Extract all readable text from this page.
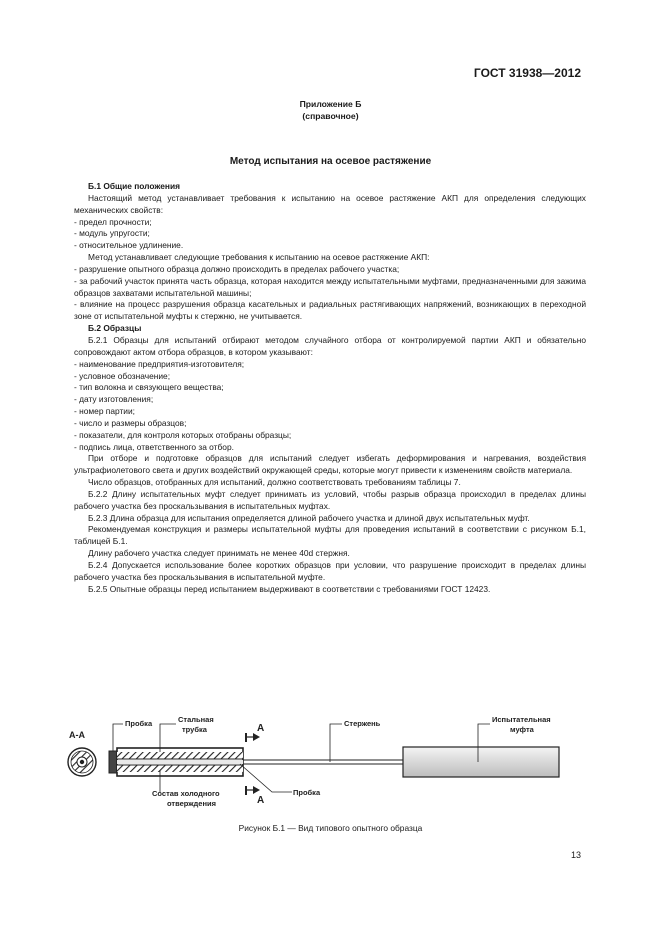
ГОСТ 31938—2012
Приложение Б
(справочное)
Метод испытания на осевое растяжение

Б.1 Общие положения

Настоящий метод устанавливает требования к испытанию на осевое растяжение АКП для определения следующих механических свойств:

- предел прочности;

- модуль упругости;

- относительное удлинение.

Метод устанавливает следующие требования к испытанию на осевое растяжение АКП:

- разрушение опытного образца должно происходить в пределах рабочего участка;

- за рабочий участок принята часть образца, которая находится между испытательными муфтами, предназначенными для зажима образцов захватами испытательной машины;

- влияние на процесс разрушения образца касательных и радиальных растягивающих напряжений, возникающих в переходной зоне от испытательной муфты к стержню, не учитывается.

Б.2 Образцы

Б.2.1 Образцы для испытаний отбирают методом случайного отбора от контролируемой партии АКП и обязательно сопровождают актом отбора образцов, в котором указывают:

- наименование предприятия-изготовителя;

- условное обозначение;

- тип волокна и связующего вещества;

- дату изготовления;

- номер партии;

- число и размеры образцов;

- показатели, для контроля которых отобраны образцы;

- подпись лица, ответственного за отбор.

При отборе и подготовке образцов для испытаний следует избегать деформирования и нагревания, воздействия ультрафиолетового света и других воздействий окружающей среды, которые могут привести к изменениям свойств материала.

Число образцов, отобранных для испытаний, должно соответствовать требованиям таблицы 7.

Б.2.2 Длину испытательных муфт следует принимать из условий, чтобы разрыв образца происходил в пределах длины рабочего участка без проскальзывания в испытательных муфтах.

Б.2.3 Длина образца для испытания определяется длиной рабочего участка и длиной двух испытательных муфт.

Рекомендуемая конструкция и размеры испытательной муфты для проведения испытаний в соответствии с рисунком Б.1, таблицей Б.1.

Длину рабочего участка следует принимать не менее 40d стержня.

Б.2.4 Допускается использование более коротких образцов при условии, что разрушение происходит в пределах длины рабочего участка без проскальзывания в испытательной муфте.

Б.2.5 Опытные образцы перед испытанием выдерживают в соответствии с требованиями ГОСТ 12423.

А-А
А
А
Пробка	Стальная
трубка
Стержень	Испытательная
муфта
Состав холодного
отверждения
Пробка
Рисунок Б.1 — Вид типового опытного образца
13
